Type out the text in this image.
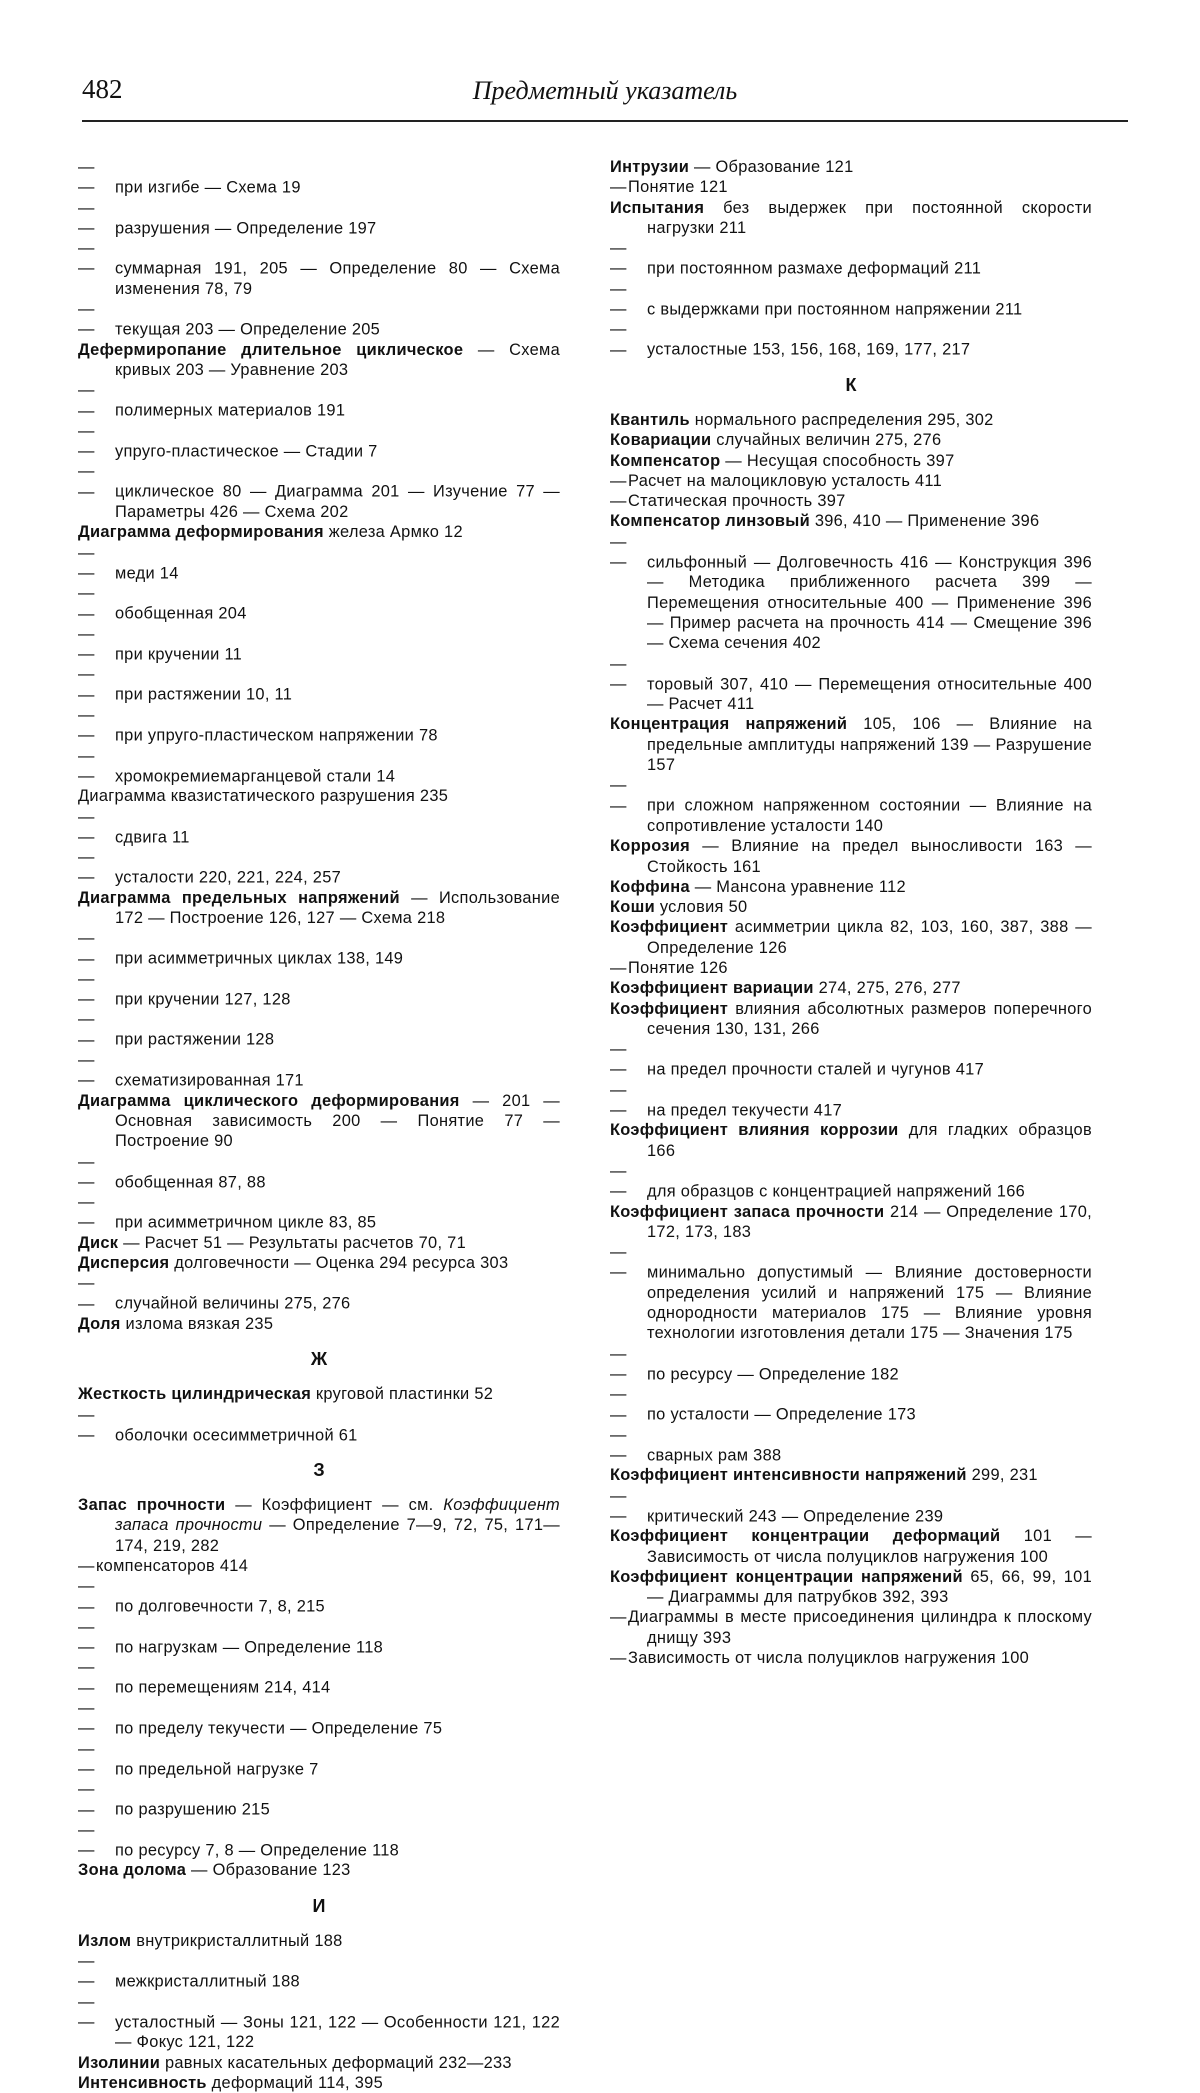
482	Предметный указатель
— — при изгибе — Схема 19
— — разрушения — Определение 197
— — суммарная 191, 205 — Определение 80 — Схема изменения 78, 79
— — текущая 203 — Определение 205
Дефермиропание длительное циклическое — Схема кривых 203 — Уравнение 203
— — полимерных материалов 191
— — упруго-пластическое — Стадии 7
— — циклическое 80 — Диаграмма 201 — Изучение 77 — Параметры 426 — Схема 202
Диаграмма деформирования железа Армко 12
— — меди 14
— — обобщенная 204
— — при кручении 11
— — при растяжении 10, 11
— — при упруго-пластическом напряжении 78
— — хромокремиемарганцевой стали 14
Диаграмма квазистатического разрушения 235
— — сдвига 11
— — усталости 220, 221, 224, 257
Диаграмма предельных напряжений — Использование 172 — Построение 126, 127 — Схема 218
— — при асимметричных циклах 138, 149
— — при кручении 127, 128
— — при растяжении 128
— — схематизированная 171
Диаграмма циклического деформирования — 201 — Основная зависимость 200 — Понятие 77 — Построение 90
— — обобщенная 87, 88
— — при асимметричном цикле 83, 85
Диск — Расчет 51 — Результаты расчетов 70, 71
Дисперсия долговечности — Оценка 294 ресурса 303
— — случайной величины 275, 276
Доля излома вязкая 235
Ж
Жесткость цилиндрическая круговой пластинки 52
— — оболочки осесимметричной 61
З
Запас прочности — Коэффициент — см. Коэффициент запаса прочности — Определение 7—9, 72, 75, 171—174, 219, 282
—компенсаторов 414
— — по долговечности 7, 8, 215
— — по нагрузкам — Определение 118
— — по перемещениям 214, 414
— — по пределу текучести — Определение 75
— — по предельной нагрузке 7
— — по разрушению 215
— — по ресурсу 7, 8 — Определение 118
Зона долома — Образование 123
И
Излом внутрикристаллитный 188
— — межкристаллитный 188
— — усталостный — Зоны 121, 122 — Особенности 121, 122 — Фокус 121, 122
Изолинии равных касательных деформаций 232—233
Интенсивность деформаций 114, 395
Интрузии — Образование 121
—Понятие 121
Испытания без выдержек при постоянной скорости нагрузки 211
— — при постоянном размахе деформаций 211
— — с выдержками при постоянном напряжении 211
— — усталостные 153, 156, 168, 169, 177, 217
К
Квантиль нормального распределения 295, 302
Ковариации случайных величин 275, 276
Компенсатор — Несущая способность 397
—Расчет на малоцикловую усталость 411
—Статическая прочность 397
Компенсатор линзовый 396, 410 — Применение 396
— — сильфонный — Долговечность 416 — Конструкция 396 — Методика приближенного расчета 399 — Перемещения относительные 400 — Применение 396 — Пример расчета на прочность 414 — Смещение 396 — Схема сечения 402
— — торовый 307, 410 — Перемещения относительные 400 — Расчет 411
Концентрация напряжений 105, 106 — Влияние на предельные амплитуды напряжений 139 — Разрушение 157
— — при сложном напряженном состоянии — Влияние на сопротивление усталости 140
Коррозия — Влияние на предел выносливости 163 — Стойкость 161
Коффина — Мансона уравнение 112
Коши условия 50
Коэффициент асимметрии цикла 82, 103, 160, 387, 388 — Определение 126
—Понятие 126
Коэффициент вариации 274, 275, 276, 277
Коэффициент влияния абсолютных размеров поперечного сечения 130, 131, 266
— — на предел прочности сталей и чугунов 417
— — на предел текучести 417
Коэффициент влияния коррозии для гладких образцов 166
— — для образцов с концентрацией напряжений 166
Коэффициент запаса прочности 214 — Определение 170, 172, 173, 183
— — минимально допустимый — Влияние достоверности определения усилий и напряжений 175 — Влияние однородности материалов 175 — Влияние уровня технологии изготовления детали 175 — Значения 175
— — по ресурсу — Определение 182
— — по усталости — Определение 173
— — сварных рам 388
Коэффициент интенсивности напряжений 299, 231
— — критический 243 — Определение 239
Коэффициент концентрации деформаций 101 — Зависимость от числа полуциклов нагружения 100
Коэффициент концентрации напряжений 65, 66, 99, 101 — Диаграммы для патрубков 392, 393
—Диаграммы в месте присоединения цилиндра к плоскому днищу 393
—Зависимость от числа полуциклов нагружения 100
